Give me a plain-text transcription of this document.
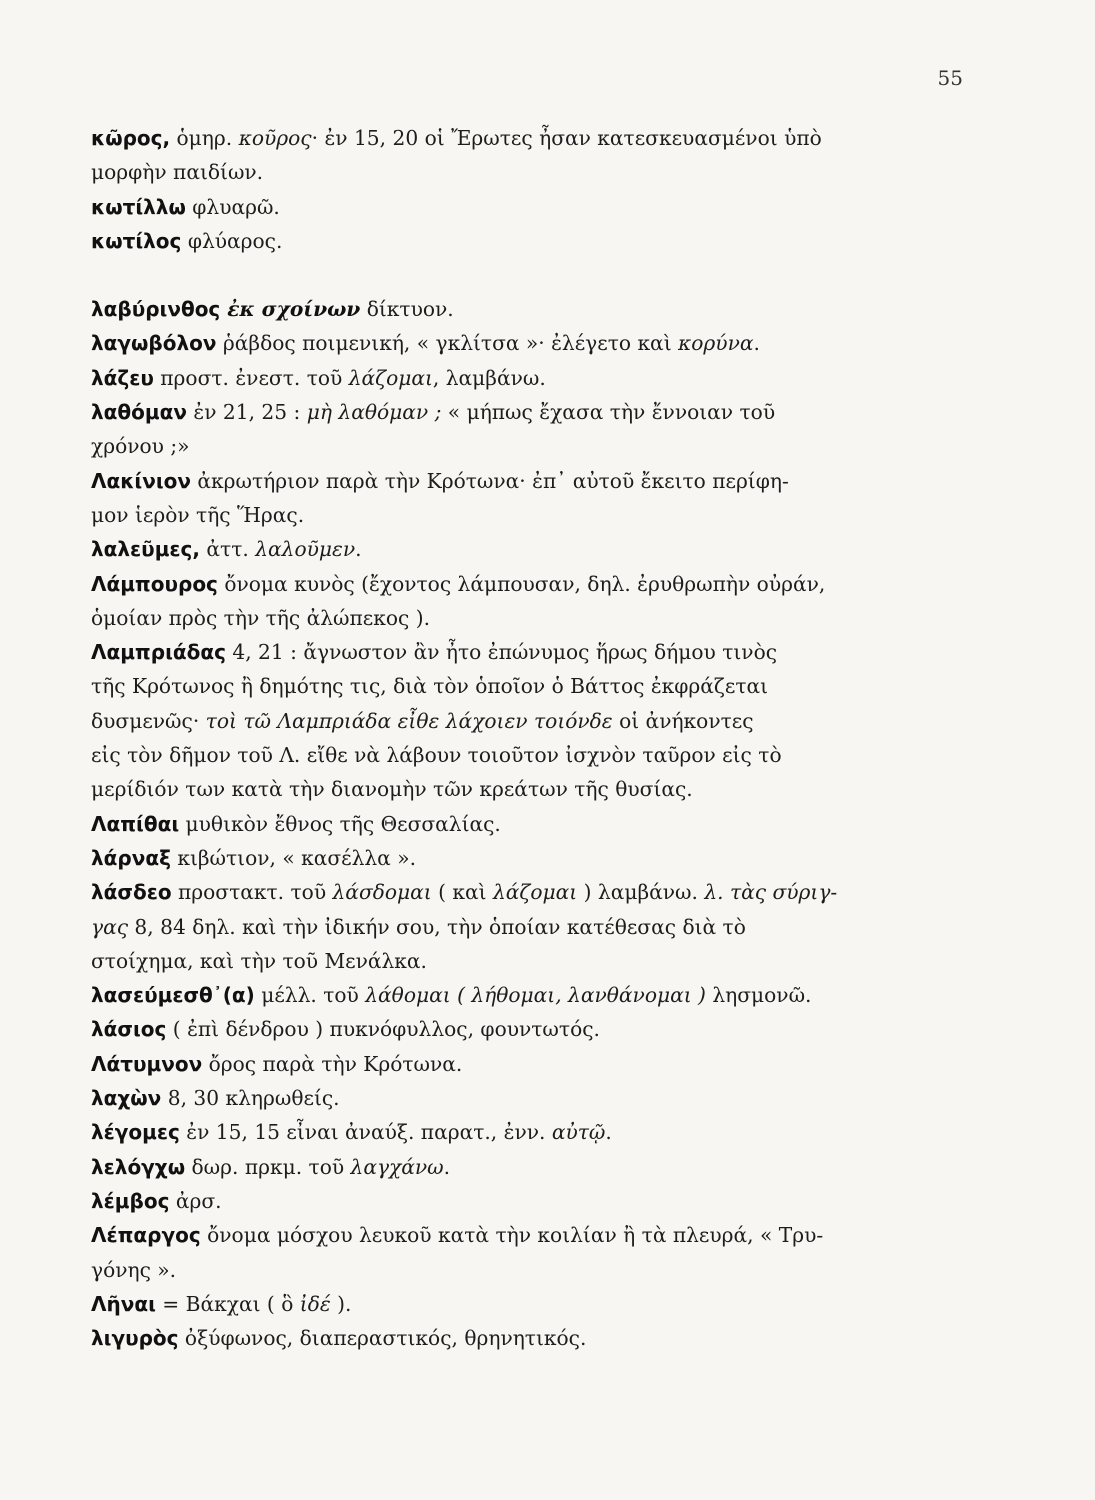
55
κῶρος, ὁμηρ. κοῦρος· ἐν 15, 20 οἱ Ἔρωτες ἦσαν κατεσκευασμένοι ὑπὸ
μορφὴν παιδίων.
κωτίλλω φλυαρῶ.
κωτίλος φλύαρος.
λαβύρινθος ἐκ σχοίνων δίκτυον.
λαγωβόλον ῥάβδος ποιμενική, « γκλίτσα »· ἐλέγετο καὶ κορύνα.
λάζευ προστ. ἐνεστ. τοῦ λάζομαι, λαμβάνω.
λαθόμαν ἐν 21, 25 : μὴ λαθόμαν ; « μήπως ἔχασα τὴν ἔννοιαν τοῦ
χρόνου ;»
Λακίνιον ἀκρωτήριον παρὰ τὴν Κρότωνα· ἐπ᾿ αὐτοῦ ἔκειτο περίφη-
μον ἱερὸν τῆς Ἥρας.
λαλεῦμες, ἀττ. λαλοῦμεν.
Λάμπουρος ὄνομα κυνὸς (ἔχοντος λάμπουσαν, δηλ. ἐρυθρωπὴν οὐράν,
ὁμοίαν πρὸς τὴν τῆς ἀλώπεκος ).
Λαμπριάδας 4, 21 : ἄγνωστον ἂν ἦτο ἐπώνυμος ἥρως δήμου τινὸς
τῆς Κρότωνος ἢ δημότης τις, διὰ τὸν ὁποῖον ὁ Βάττος ἐκφράζεται
δυσμενῶς· τοὶ τῶ Λαμπριάδα εἶθε λάχοιεν τοιόνδε οἱ ἀνήκοντες
εἰς τὸν δῆμον τοῦ Λ. εἴθε νὰ λάβουν τοιοῦτον ἰσχνὸν ταῦρον εἰς τὸ
μερίδιόν των κατὰ τὴν διανομὴν τῶν κρεάτων τῆς θυσίας.
Λαπίθαι μυθικὸν ἔθνος τῆς Θεσσαλίας.
λάρναξ κιβώτιον, « κασέλλα ».
λάσδεο προστακτ. τοῦ λάσδομαι ( καὶ λάζομαι ) λαμβάνω. λ. τὰς σύριγ-
γας 8, 84 δηλ. καὶ τὴν ἰδικήν σου, τὴν ὁποίαν κατέθεσας διὰ τὸ
στοίχημα, καὶ τὴν τοῦ Μενάλκα.
λασεύμεσθ᾿(α) μέλλ. τοῦ λάθομαι ( λήθομαι, λανθάνομαι ) λησμονῶ.
λάσιος ( ἐπὶ δένδρου ) πυκνόφυλλος, φουντωτός.
Λάτυμνον ὄρος παρὰ τὴν Κρότωνα.
λαχὼν 8, 30 κληρωθείς.
λέγομες ἐν 15, 15 εἶναι ἀναύξ. παρατ., ἐνν. αὐτῷ.
λελόγχω δωρ. πρκμ. τοῦ λαγχάνω.
λέμβος ἀρσ.
Λέπαργος ὄνομα μόσχου λευκοῦ κατὰ τὴν κοιλίαν ἢ τὰ πλευρά, « Τρυ-
γόνης ».
Λῆναι = Βάκχαι ( ὃ ἰδέ ).
λιγυρὸς ὀξύφωνος, διαπεραστικός, θρηνητικός.
